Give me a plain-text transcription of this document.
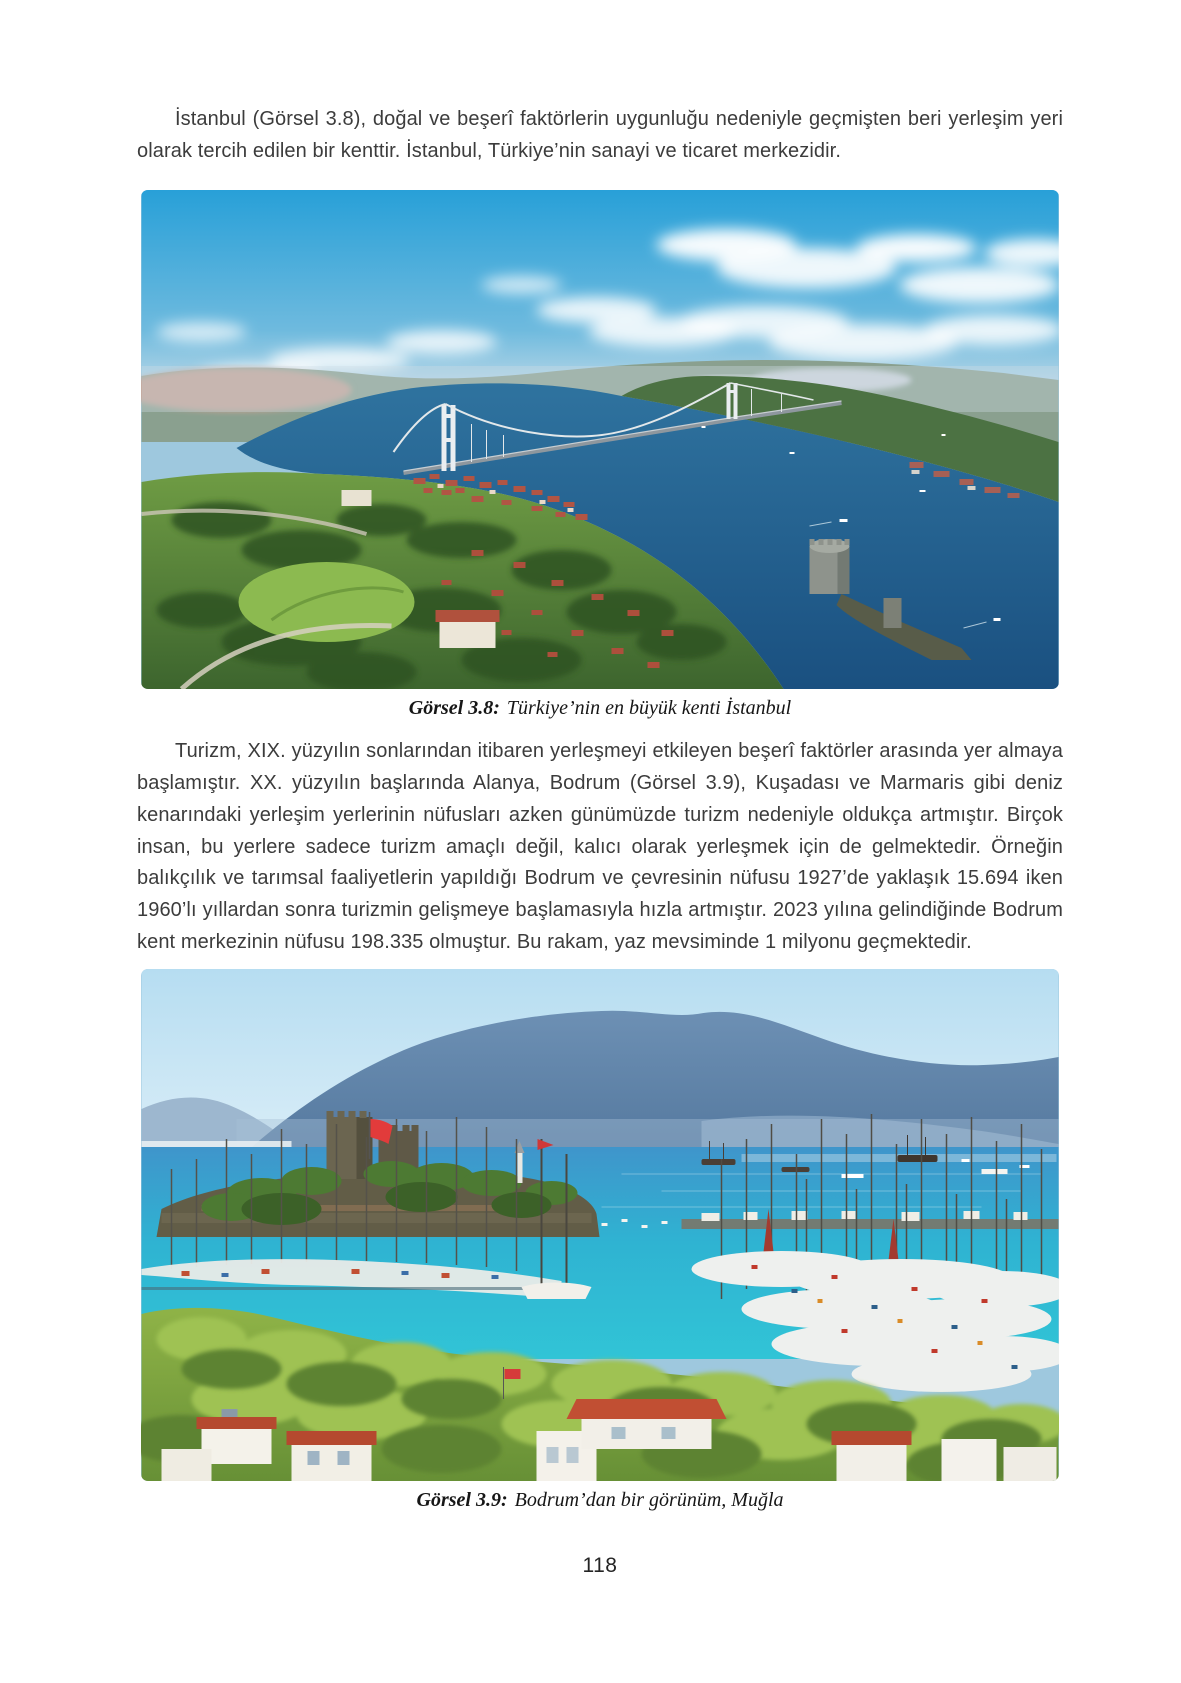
İstanbul (Görsel 3.8), doğal ve beşerî faktörlerin uygunluğu nedeniyle geçmişten beri yerleşim yeri olarak tercih edilen bir kenttir. İstanbul, Türkiye’nin sanayi ve ticaret merkezidir.

Görsel 3.8: Türkiye’nin en büyük kenti İstanbul

Turizm, XIX. yüzyılın sonlarından itibaren yerleşmeyi etkileyen beşerî faktörler arasında yer almaya başlamıştır. XX. yüzyılın başlarında Alanya, Bodrum (Görsel 3.9), Kuşadası ve Marmaris gibi deniz kenarındaki yerleşim yerlerinin nüfusları azken günümüzde turizm nedeniyle oldukça artmıştır. Birçok insan, bu yerlere sadece turizm amaçlı değil, kalıcı olarak yerleşmek için de gelmektedir. Örneğin balıkçılık ve tarımsal faaliyetlerin yapıldığı Bodrum ve çevresinin nüfusu 1927’de yaklaşık 15.694 iken 1960’lı yıllardan sonra turizmin gelişmeye başlamasıyla hızla artmıştır. 2023 yılına gelindiğinde Bodrum kent merkezinin nüfusu 198.335 olmuştur. Bu rakam, yaz mevsiminde 1 milyonu geçmektedir.

Görsel 3.9: Bodrum’dan bir görünüm, Muğla
118
